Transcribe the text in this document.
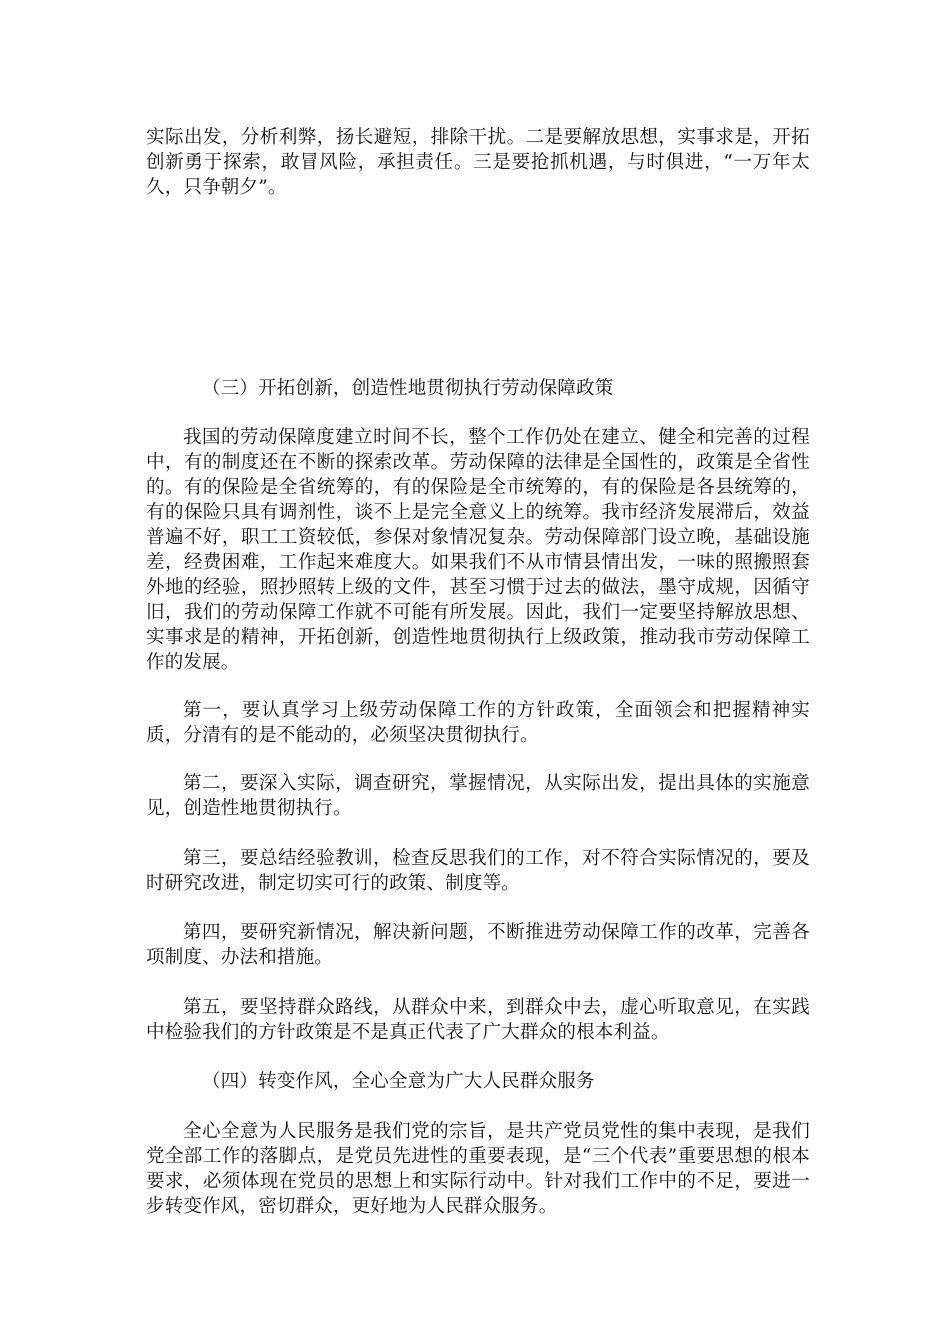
实际出发，分析利弊，扬长避短，排除干扰。二是要解放思想，实事求是，开拓创新勇于探索，敢冒风险，承担责任。三是要抢抓机遇，与时俱进，“一万年太久，只争朝夕”。

（三）开拓创新，创造性地贯彻执行劳动保障政策

我国的劳动保障度建立时间不长，整个工作仍处在建立、健全和完善的过程中，有的制度还在不断的探索改革。劳动保障的法律是全国性的，政策是全省性的。有的保险是全省统筹的，有的保险是全市统筹的，有的保险是各县统筹的，有的保险只具有调剂性，谈不上是完全意义上的统筹。我市经济发展滞后，效益普遍不好，职工工资较低，参保对象情况复杂。劳动保障部门设立晚，基础设施差，经费困难，工作起来难度大。如果我们不从市情县情出发，一味的照搬照套外地的经验，照抄照转上级的文件，甚至习惯于过去的做法，墨守成规，因循守旧，我们的劳动保障工作就不可能有所发展。因此，我们一定要坚持解放思想、实事求是的精神，开拓创新，创造性地贯彻执行上级政策，推动我市劳动保障工作的发展。

第一，要认真学习上级劳动保障工作的方针政策，全面领会和把握精神实质，分清有的是不能动的，必须坚决贯彻执行。

第二，要深入实际，调查研究，掌握情况，从实际出发，提出具体的实施意见，创造性地贯彻执行。

第三，要总结经验教训，检查反思我们的工作，对不符合实际情况的，要及时研究改进，制定切实可行的政策、制度等。

第四，要研究新情况，解决新问题，不断推进劳动保障工作的改革，完善各项制度、办法和措施。

第五，要坚持群众路线，从群众中来，到群众中去，虚心听取意见，在实践中检验我们的方针政策是不是真正代表了广大群众的根本利益。

（四）转变作风，全心全意为广大人民群众服务

全心全意为人民服务是我们党的宗旨，是共产党员党性的集中表现，是我们党全部工作的落脚点，是党员先进性的重要表现，是“三个代表”重要思想的根本要求，必须体现在党员的思想上和实际行动中。针对我们工作中的不足，要进一步转变作风，密切群众，更好地为人民群众服务。
